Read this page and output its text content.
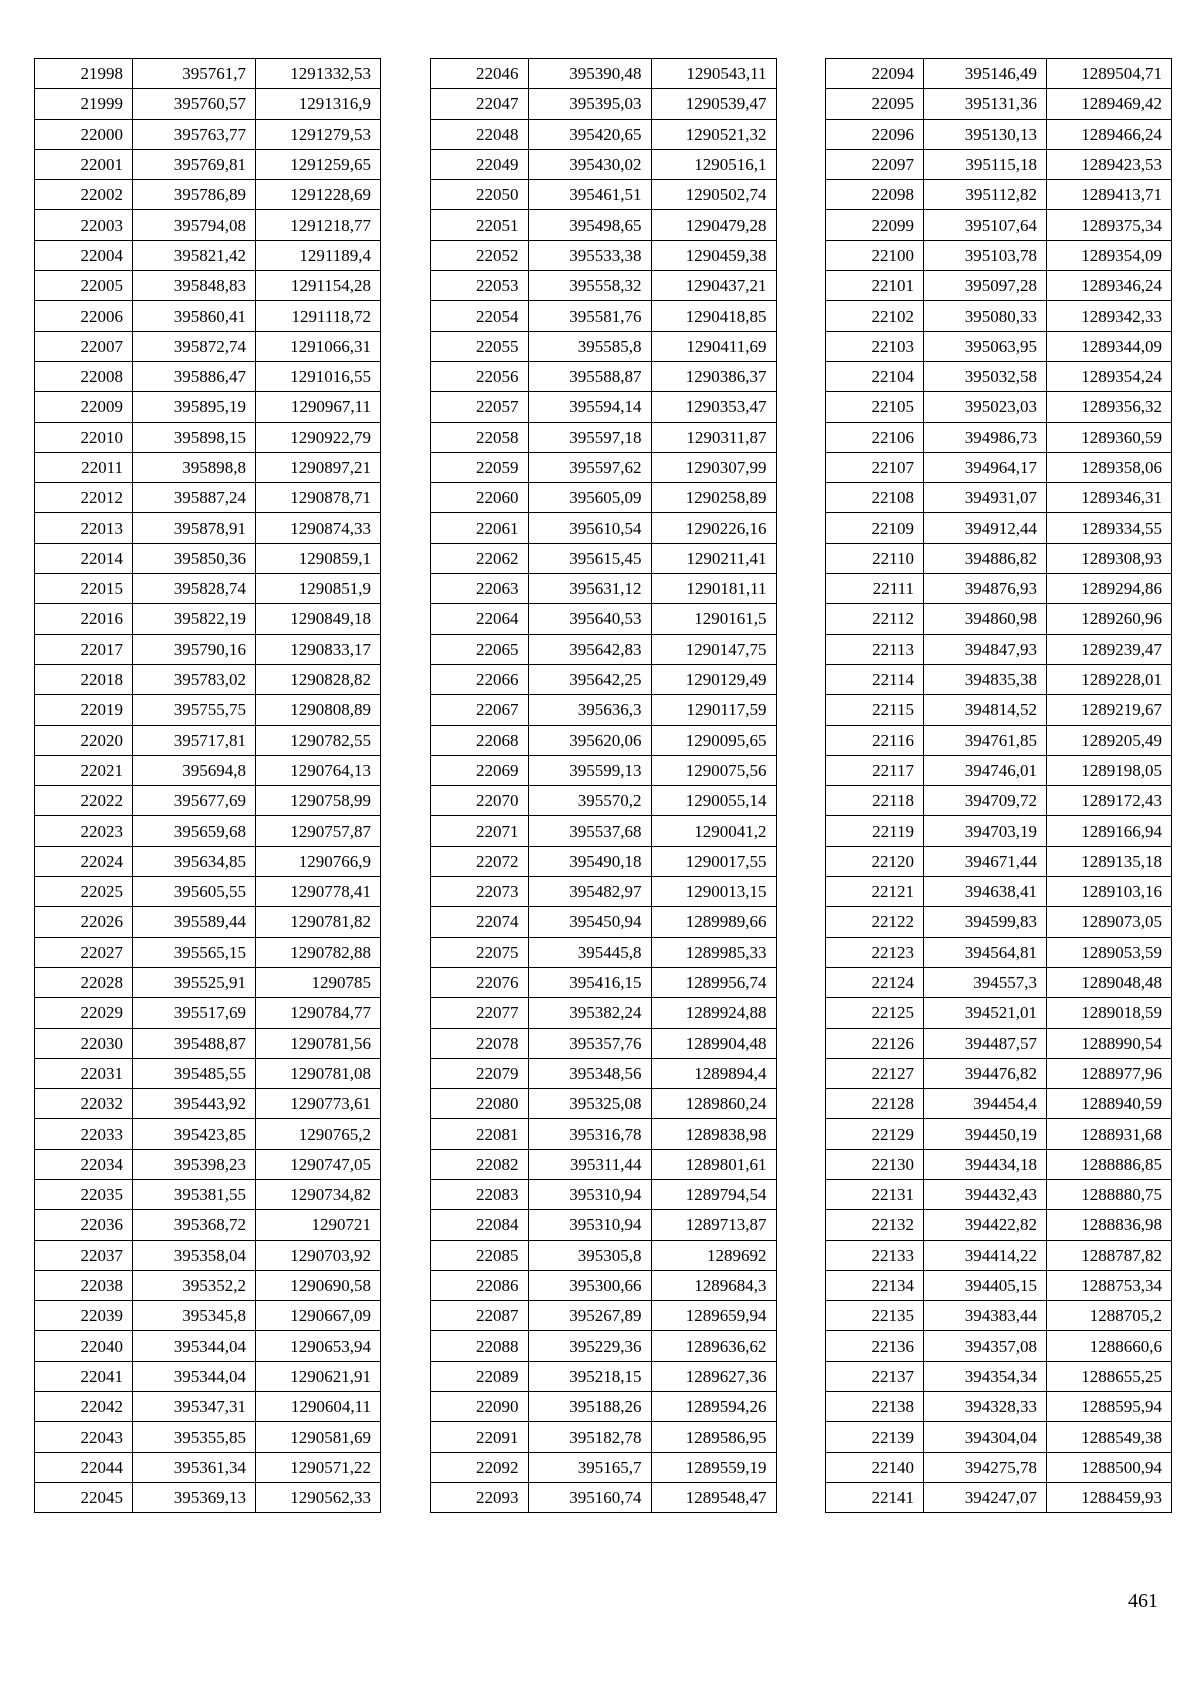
21998	395761,7	1291332,53
21999	395760,57	1291316,9
22000	395763,77	1291279,53
22001	395769,81	1291259,65
22002	395786,89	1291228,69
22003	395794,08	1291218,77
22004	395821,42	1291189,4
22005	395848,83	1291154,28
22006	395860,41	1291118,72
22007	395872,74	1291066,31
22008	395886,47	1291016,55
22009	395895,19	1290967,11
22010	395898,15	1290922,79
22011	395898,8	1290897,21
22012	395887,24	1290878,71
22013	395878,91	1290874,33
22014	395850,36	1290859,1
22015	395828,74	1290851,9
22016	395822,19	1290849,18
22017	395790,16	1290833,17
22018	395783,02	1290828,82
22019	395755,75	1290808,89
22020	395717,81	1290782,55
22021	395694,8	1290764,13
22022	395677,69	1290758,99
22023	395659,68	1290757,87
22024	395634,85	1290766,9
22025	395605,55	1290778,41
22026	395589,44	1290781,82
22027	395565,15	1290782,88
22028	395525,91	1290785
22029	395517,69	1290784,77
22030	395488,87	1290781,56
22031	395485,55	1290781,08
22032	395443,92	1290773,61
22033	395423,85	1290765,2
22034	395398,23	1290747,05
22035	395381,55	1290734,82
22036	395368,72	1290721
22037	395358,04	1290703,92
22038	395352,2	1290690,58
22039	395345,8	1290667,09
22040	395344,04	1290653,94
22041	395344,04	1290621,91
22042	395347,31	1290604,11
22043	395355,85	1290581,69
22044	395361,34	1290571,22
22045	395369,13	1290562,33
22046	395390,48	1290543,11
22047	395395,03	1290539,47
22048	395420,65	1290521,32
22049	395430,02	1290516,1
22050	395461,51	1290502,74
22051	395498,65	1290479,28
22052	395533,38	1290459,38
22053	395558,32	1290437,21
22054	395581,76	1290418,85
22055	395585,8	1290411,69
22056	395588,87	1290386,37
22057	395594,14	1290353,47
22058	395597,18	1290311,87
22059	395597,62	1290307,99
22060	395605,09	1290258,89
22061	395610,54	1290226,16
22062	395615,45	1290211,41
22063	395631,12	1290181,11
22064	395640,53	1290161,5
22065	395642,83	1290147,75
22066	395642,25	1290129,49
22067	395636,3	1290117,59
22068	395620,06	1290095,65
22069	395599,13	1290075,56
22070	395570,2	1290055,14
22071	395537,68	1290041,2
22072	395490,18	1290017,55
22073	395482,97	1290013,15
22074	395450,94	1289989,66
22075	395445,8	1289985,33
22076	395416,15	1289956,74
22077	395382,24	1289924,88
22078	395357,76	1289904,48
22079	395348,56	1289894,4
22080	395325,08	1289860,24
22081	395316,78	1289838,98
22082	395311,44	1289801,61
22083	395310,94	1289794,54
22084	395310,94	1289713,87
22085	395305,8	1289692
22086	395300,66	1289684,3
22087	395267,89	1289659,94
22088	395229,36	1289636,62
22089	395218,15	1289627,36
22090	395188,26	1289594,26
22091	395182,78	1289586,95
22092	395165,7	1289559,19
22093	395160,74	1289548,47
22094	395146,49	1289504,71
22095	395131,36	1289469,42
22096	395130,13	1289466,24
22097	395115,18	1289423,53
22098	395112,82	1289413,71
22099	395107,64	1289375,34
22100	395103,78	1289354,09
22101	395097,28	1289346,24
22102	395080,33	1289342,33
22103	395063,95	1289344,09
22104	395032,58	1289354,24
22105	395023,03	1289356,32
22106	394986,73	1289360,59
22107	394964,17	1289358,06
22108	394931,07	1289346,31
22109	394912,44	1289334,55
22110	394886,82	1289308,93
22111	394876,93	1289294,86
22112	394860,98	1289260,96
22113	394847,93	1289239,47
22114	394835,38	1289228,01
22115	394814,52	1289219,67
22116	394761,85	1289205,49
22117	394746,01	1289198,05
22118	394709,72	1289172,43
22119	394703,19	1289166,94
22120	394671,44	1289135,18
22121	394638,41	1289103,16
22122	394599,83	1289073,05
22123	394564,81	1289053,59
22124	394557,3	1289048,48
22125	394521,01	1289018,59
22126	394487,57	1288990,54
22127	394476,82	1288977,96
22128	394454,4	1288940,59
22129	394450,19	1288931,68
22130	394434,18	1288886,85
22131	394432,43	1288880,75
22132	394422,82	1288836,98
22133	394414,22	1288787,82
22134	394405,15	1288753,34
22135	394383,44	1288705,2
22136	394357,08	1288660,6
22137	394354,34	1288655,25
22138	394328,33	1288595,94
22139	394304,04	1288549,38
22140	394275,78	1288500,94
22141	394247,07	1288459,93
461
